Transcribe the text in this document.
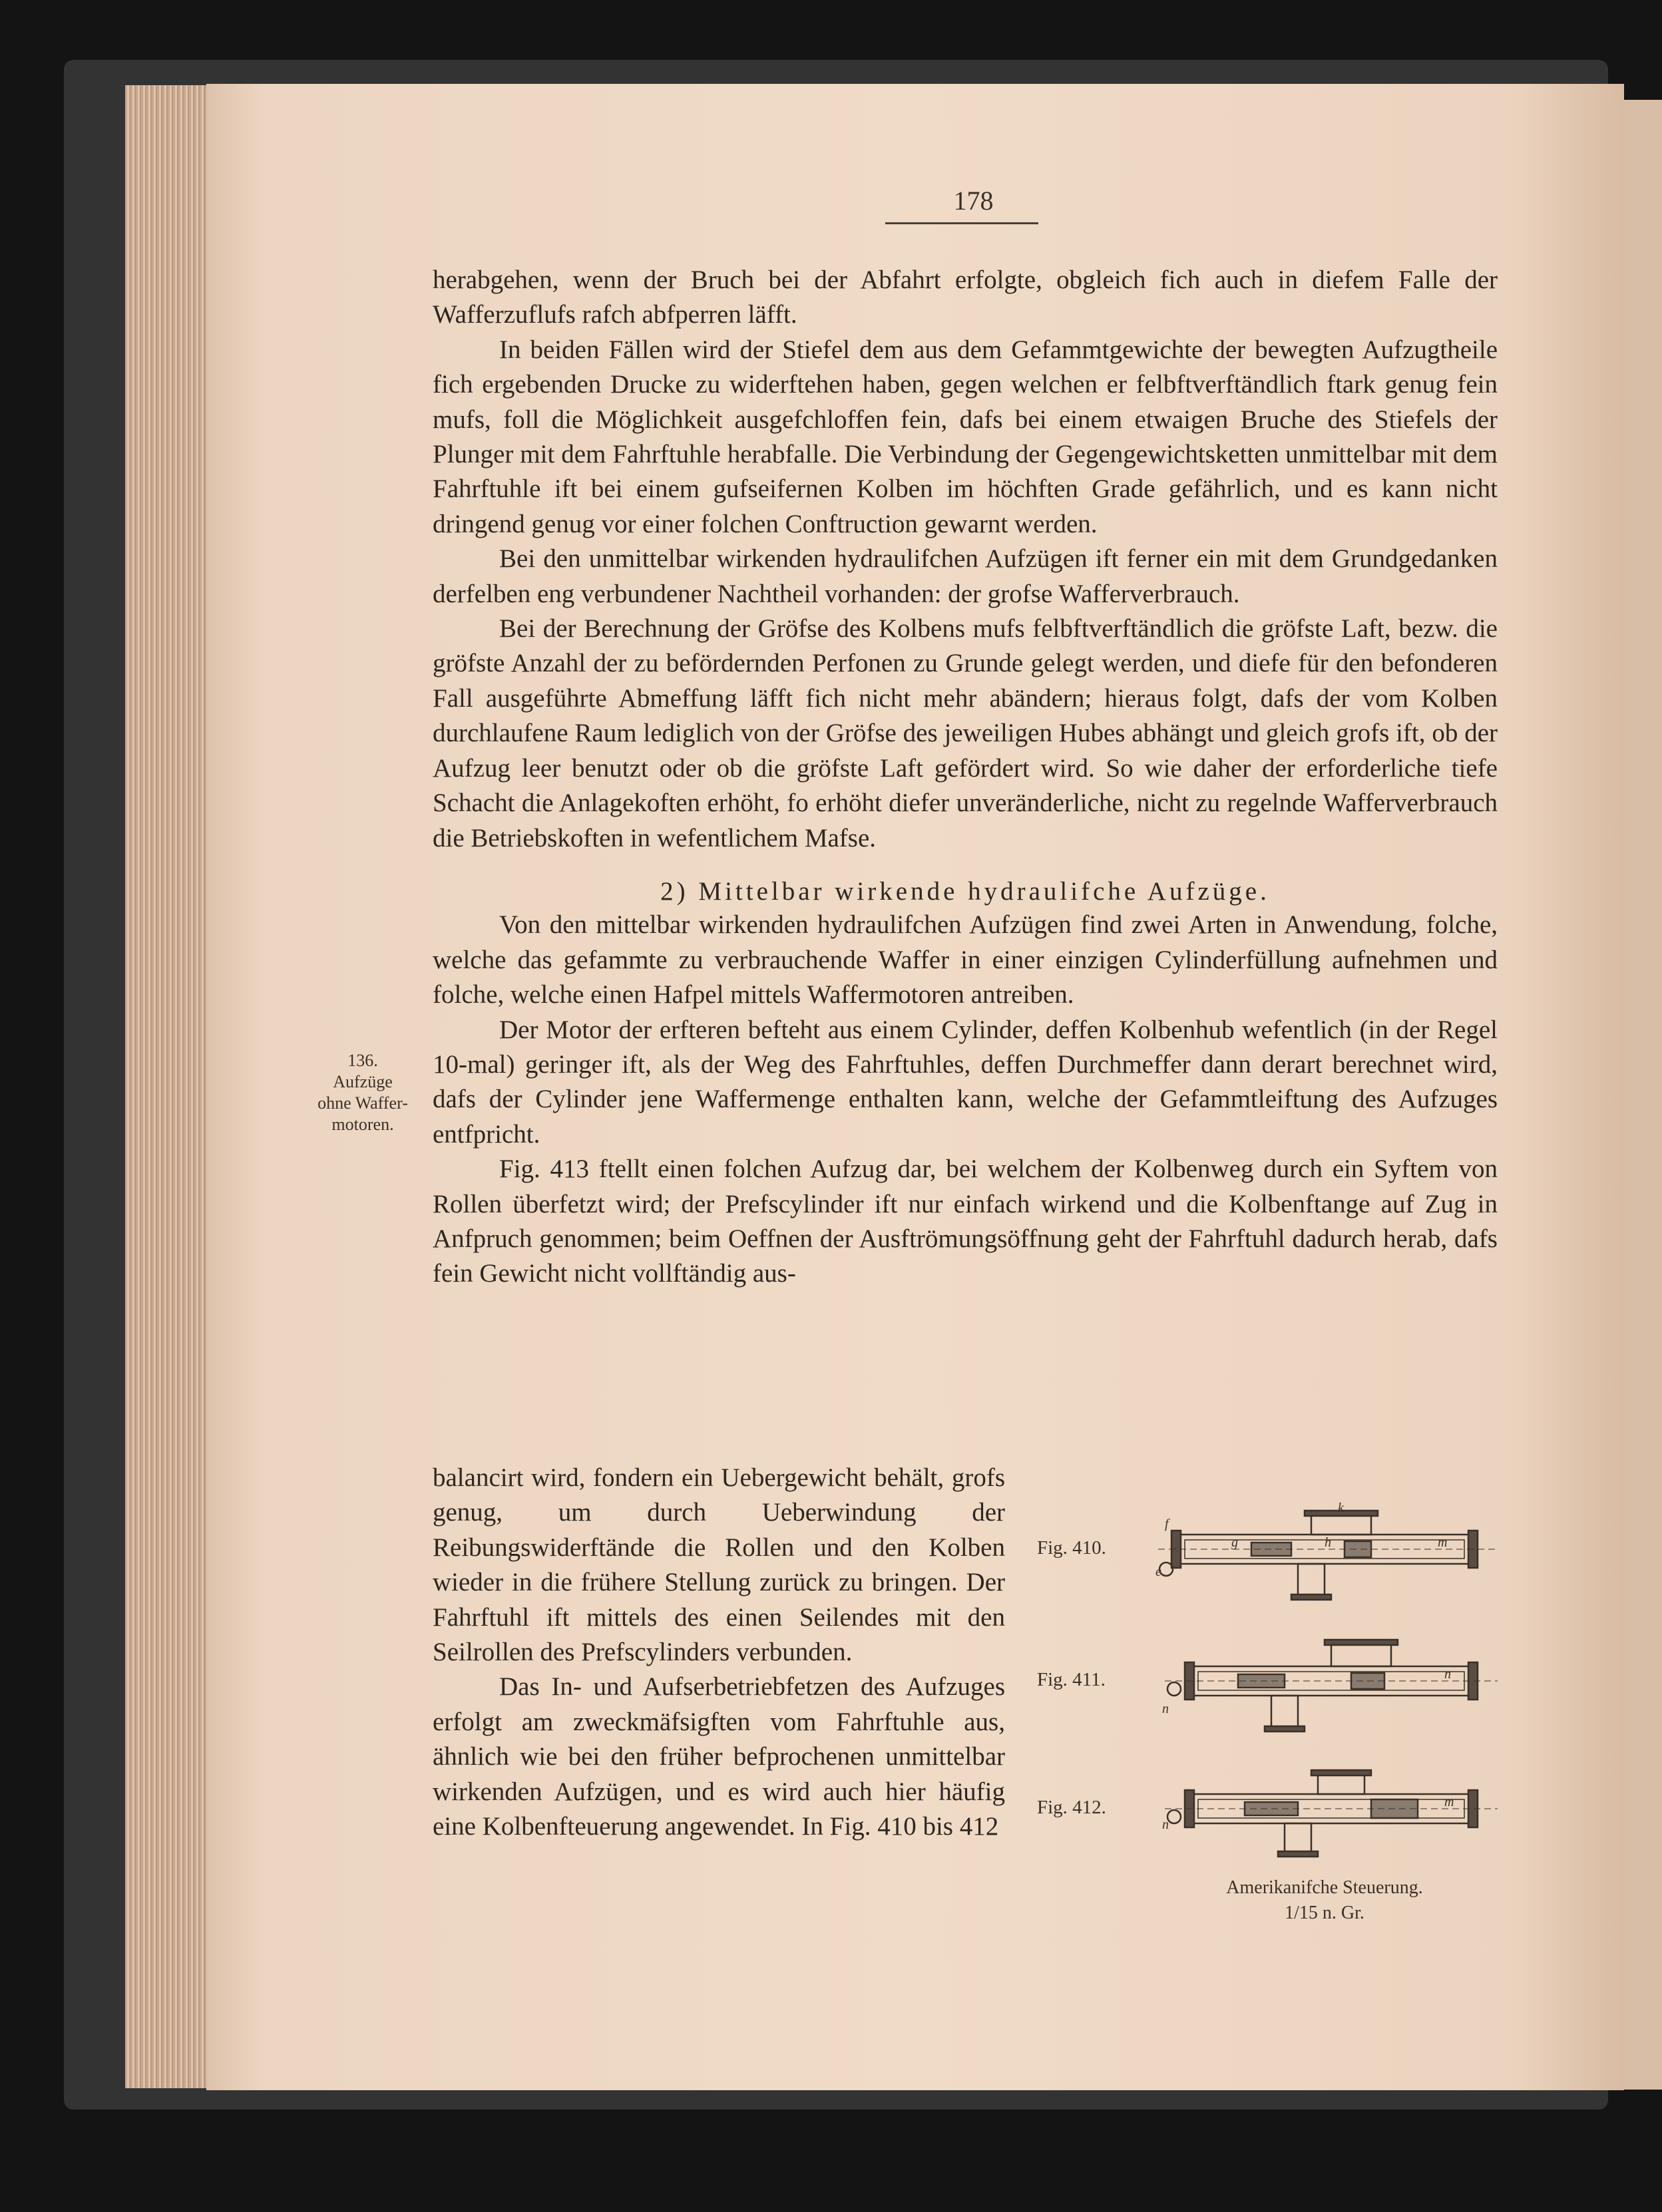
178

herabgehen, wenn der Bruch bei der Abfahrt erfolgte, obgleich fich auch in diefem Falle der Wafferzuflufs rafch abfperren läfft.

In beiden Fällen wird der Stiefel dem aus dem Gefammtgewichte der bewegten Aufzugtheile fich ergebenden Drucke zu widerftehen haben, gegen welchen er felbftverftändlich ftark genug fein mufs, foll die Möglichkeit ausgefchloffen fein, dafs bei einem etwaigen Bruche des Stiefels der Plunger mit dem Fahrftuhle herabfalle. Die Verbindung der Gegengewichtsketten unmittelbar mit dem Fahrftuhle ift bei einem gufseifernen Kolben im höchften Grade gefährlich, und es kann nicht dringend genug vor einer folchen Conftruction gewarnt werden.

Bei den unmittelbar wirkenden hydraulifchen Aufzügen ift ferner ein mit dem Grundgedanken derfelben eng verbundener Nachtheil vorhanden: der grofse Wafferverbrauch.

Bei der Berechnung der Gröfse des Kolbens mufs felbftverftändlich die gröfste Laft, bezw. die gröfste Anzahl der zu befördernden Perfonen zu Grunde gelegt werden, und diefe für den befonderen Fall ausgeführte Abmeffung läfft fich nicht mehr abändern; hieraus folgt, dafs der vom Kolben durchlaufene Raum lediglich von der Gröfse des jeweiligen Hubes abhängt und gleich grofs ift, ob der Aufzug leer benutzt oder ob die gröfste Laft gefördert wird. So wie daher der erforderliche tiefe Schacht die Anlagekoften erhöht, fo erhöht diefer unveränderliche, nicht zu regelnde Wafferverbrauch die Betriebskoften in wefentlichem Mafse.

2) Mittelbar wirkende hydraulifche Aufzüge.

Von den mittelbar wirkenden hydraulifchen Aufzügen find zwei Arten in Anwendung, folche, welche das gefammte zu verbrauchende Waffer in einer einzigen Cylinderfüllung aufnehmen und folche, welche einen Hafpel mittels Waffermotoren antreiben.

Der Motor der erfteren befteht aus einem Cylinder, deffen Kolbenhub wefentlich (in der Regel 10-mal) geringer ift, als der Weg des Fahrftuhles, deffen Durchmeffer dann derart berechnet wird, dafs der Cylinder jene Waffermenge enthalten kann, welche der Gefammtleiftung des Aufzuges entfpricht.

Fig. 413 ftellt einen folchen Aufzug dar, bei welchem der Kolbenweg durch ein Syftem von Rollen überfetzt wird; der Prefscylinder ift nur einfach wirkend und die Kolbenftange auf Zug in Anfpruch genommen; beim Oeffnen der Ausftrömungsöffnung geht der Fahrftuhl dadurch herab, dafs fein Gewicht nicht vollftändig aus-

136.
Aufzüge
ohne Waffer-
motoren.

balancirt wird, fondern ein Uebergewicht behält, grofs genug, um durch Ueberwindung der Reibungswiderftände die Rollen und den Kolben wieder in die frühere Stellung zurück zu bringen. Der Fahrftuhl ift mittels des einen Seilendes mit den Seilrollen des Prefscylinders verbunden.

Das In- und Aufserbetriebfetzen des Aufzuges erfolgt am zweckmäfsigften vom Fahrftuhle aus, ähnlich wie bei den früher befprochenen unmittelbar wirkenden Aufzügen, und es wird auch hier häufig eine Kolbenfteuerung angewendet. In Fig. 410 bis 412

Fig. 410.
f
e
g	h	m
k
Fig. 411.
n
n
Fig. 412.
n
m
Amerikanifche Steuerung.
1/15 n. Gr.
